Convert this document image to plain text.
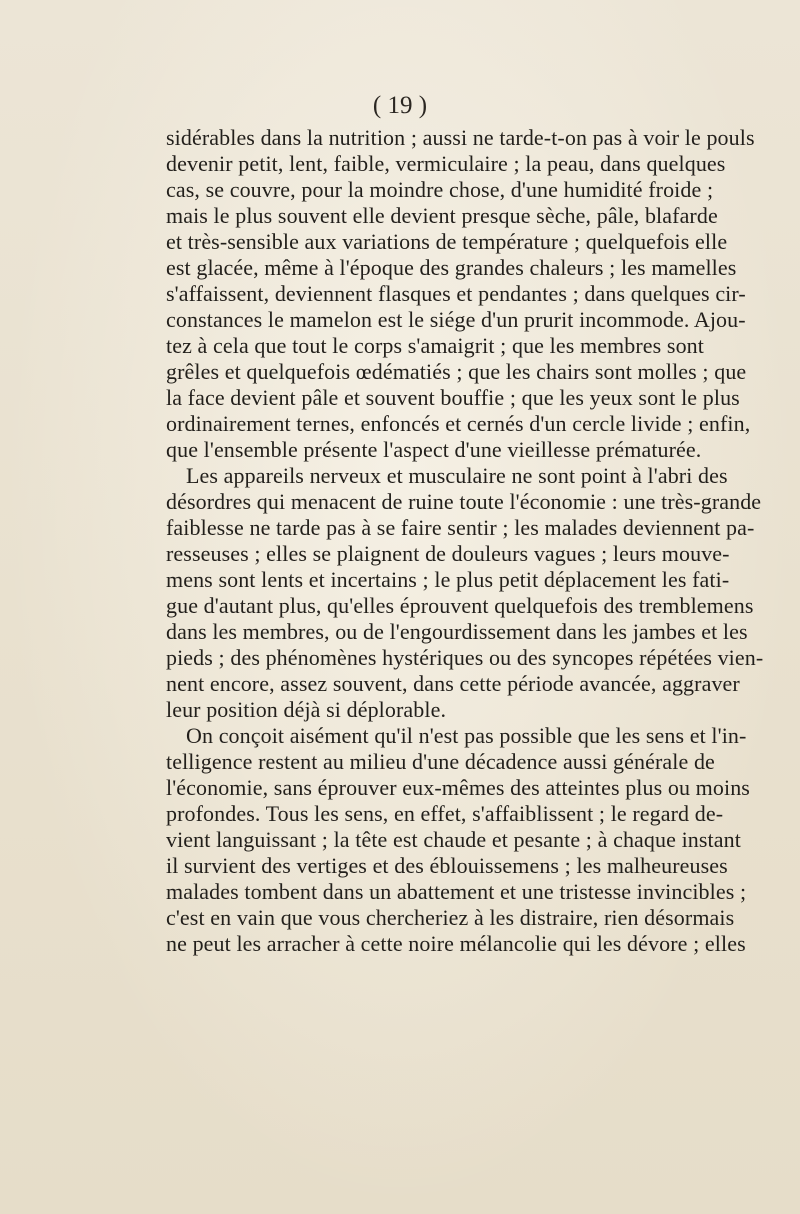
( 19 )
sidérables dans la nutrition ; aussi ne tarde-t-on pas à voir le pouls
devenir petit, lent, faible, vermiculaire ; la peau, dans quelques
cas, se couvre, pour la moindre chose, d'une humidité froide ;
mais le plus souvent elle devient presque sèche, pâle, blafarde
et très-sensible aux variations de température ; quelquefois elle
est glacée, même à l'époque des grandes chaleurs ; les mamelles
s'affaissent, deviennent flasques et pendantes ; dans quelques cir-
constances le mamelon est le siége d'un prurit incommode. Ajou-
tez à cela que tout le corps s'amaigrit ; que les membres sont
grêles et quelquefois œdématiés ; que les chairs sont molles ; que
la face devient pâle et souvent bouffie ; que les yeux sont le plus
ordinairement ternes, enfoncés et cernés d'un cercle livide ; enfin,
que l'ensemble présente l'aspect d'une vieillesse prématurée.
Les appareils nerveux et musculaire ne sont point à l'abri des
désordres qui menacent de ruine toute l'économie : une très-grande
faiblesse ne tarde pas à se faire sentir ; les malades deviennent pa-
resseuses ; elles se plaignent de douleurs vagues ; leurs mouve-
mens sont lents et incertains ; le plus petit déplacement les fati-
gue d'autant plus, qu'elles éprouvent quelquefois des tremblemens
dans les membres, ou de l'engourdissement dans les jambes et les
pieds ; des phénomènes hystériques ou des syncopes répétées vien-
nent encore, assez souvent, dans cette période avancée, aggraver
leur position déjà si déplorable.
On conçoit aisément qu'il n'est pas possible que les sens et l'in-
telligence restent au milieu d'une décadence aussi générale de
l'économie, sans éprouver eux-mêmes des atteintes plus ou moins
profondes. Tous les sens, en effet, s'affaiblissent ; le regard de-
vient languissant ; la tête est chaude et pesante ; à chaque instant
il survient des vertiges et des éblouissemens ; les malheureuses
malades tombent dans un abattement et une tristesse invincibles ;
c'est en vain que vous chercheriez à les distraire, rien désormais
ne peut les arracher à cette noire mélancolie qui les dévore ; elles
